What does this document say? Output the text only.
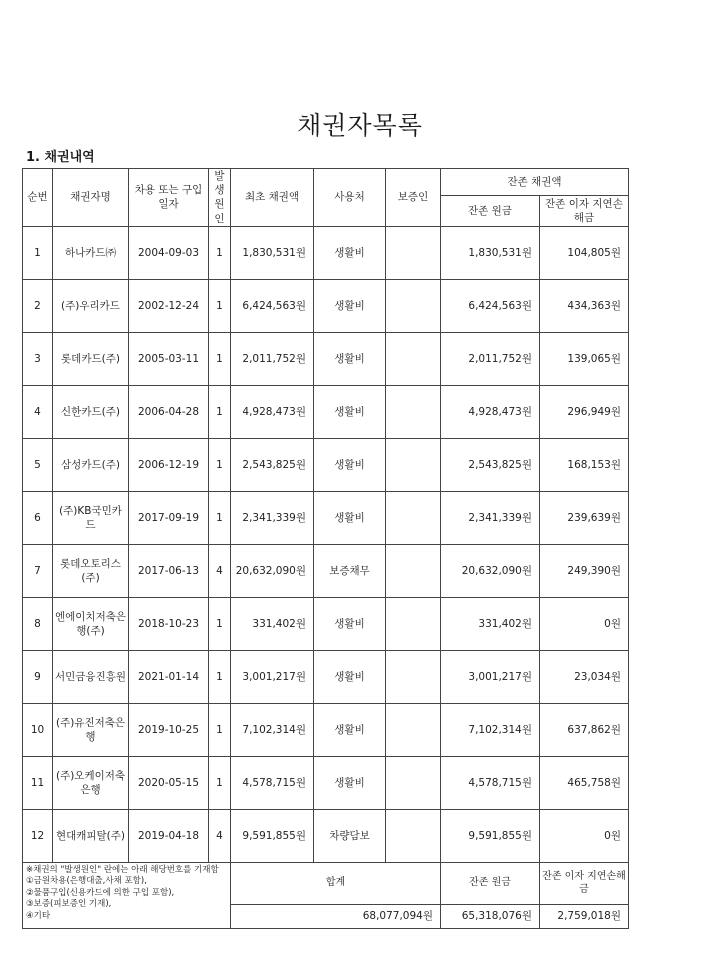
채권자목록
1. 채권내역
순번	채권자명	차용 또는 구입일자	발생 원인	최초 채권액	사용처	보증인	잔존 채권액	
							잔존 원금	잔존 이자 지연손해금
1	하나카드㈜	2004-09-03	1	1,830,531원	생활비		1,830,531원	104,805원
2	(주)우리카드	2002-12-24	1	6,424,563원	생활비		6,424,563원	434,363원
3	롯데카드(주)	2005-03-11	1	2,011,752원	생활비		2,011,752원	139,065원
4	신한카드(주)	2006-04-28	1	4,928,473원	생활비		4,928,473원	296,949원
5	삼성카드(주)	2006-12-19	1	2,543,825원	생활비		2,543,825원	168,153원
6	(주)KB국민카드	2017-09-19	1	2,341,339원	생활비		2,341,339원	239,639원
7	롯데오토리스(주)	2017-06-13	4	20,632,090원	보증채무		20,632,090원	249,390원
8	엔에이치저축은행(주)	2018-10-23	1	331,402원	생활비		331,402원	0원
9	서민금융진흥원	2021-01-14	1	3,001,217원	생활비		3,001,217원	23,034원
10	(주)유진저축은행	2019-10-25	1	7,102,314원	생활비		7,102,314원	637,862원
11	(주)오케이저축은행	2020-05-15	1	4,578,715원	생활비		4,578,715원	465,758원
12	현대캐피탈(주)	2019-04-18	4	9,591,855원	차량담보		9,591,855원	0원

※채권의 "발생원인" 란에는 아래 해당번호를 기재함
①금원차용(은행대출,사채 포함),
②물품구입(신용카드에 의한 구입 포함),
③보증(피보증인 기재),
④기타				합계			잔존 원금	잔존 이자 지연손해금
				68,077,094원			65,318,076원	2,759,018원
